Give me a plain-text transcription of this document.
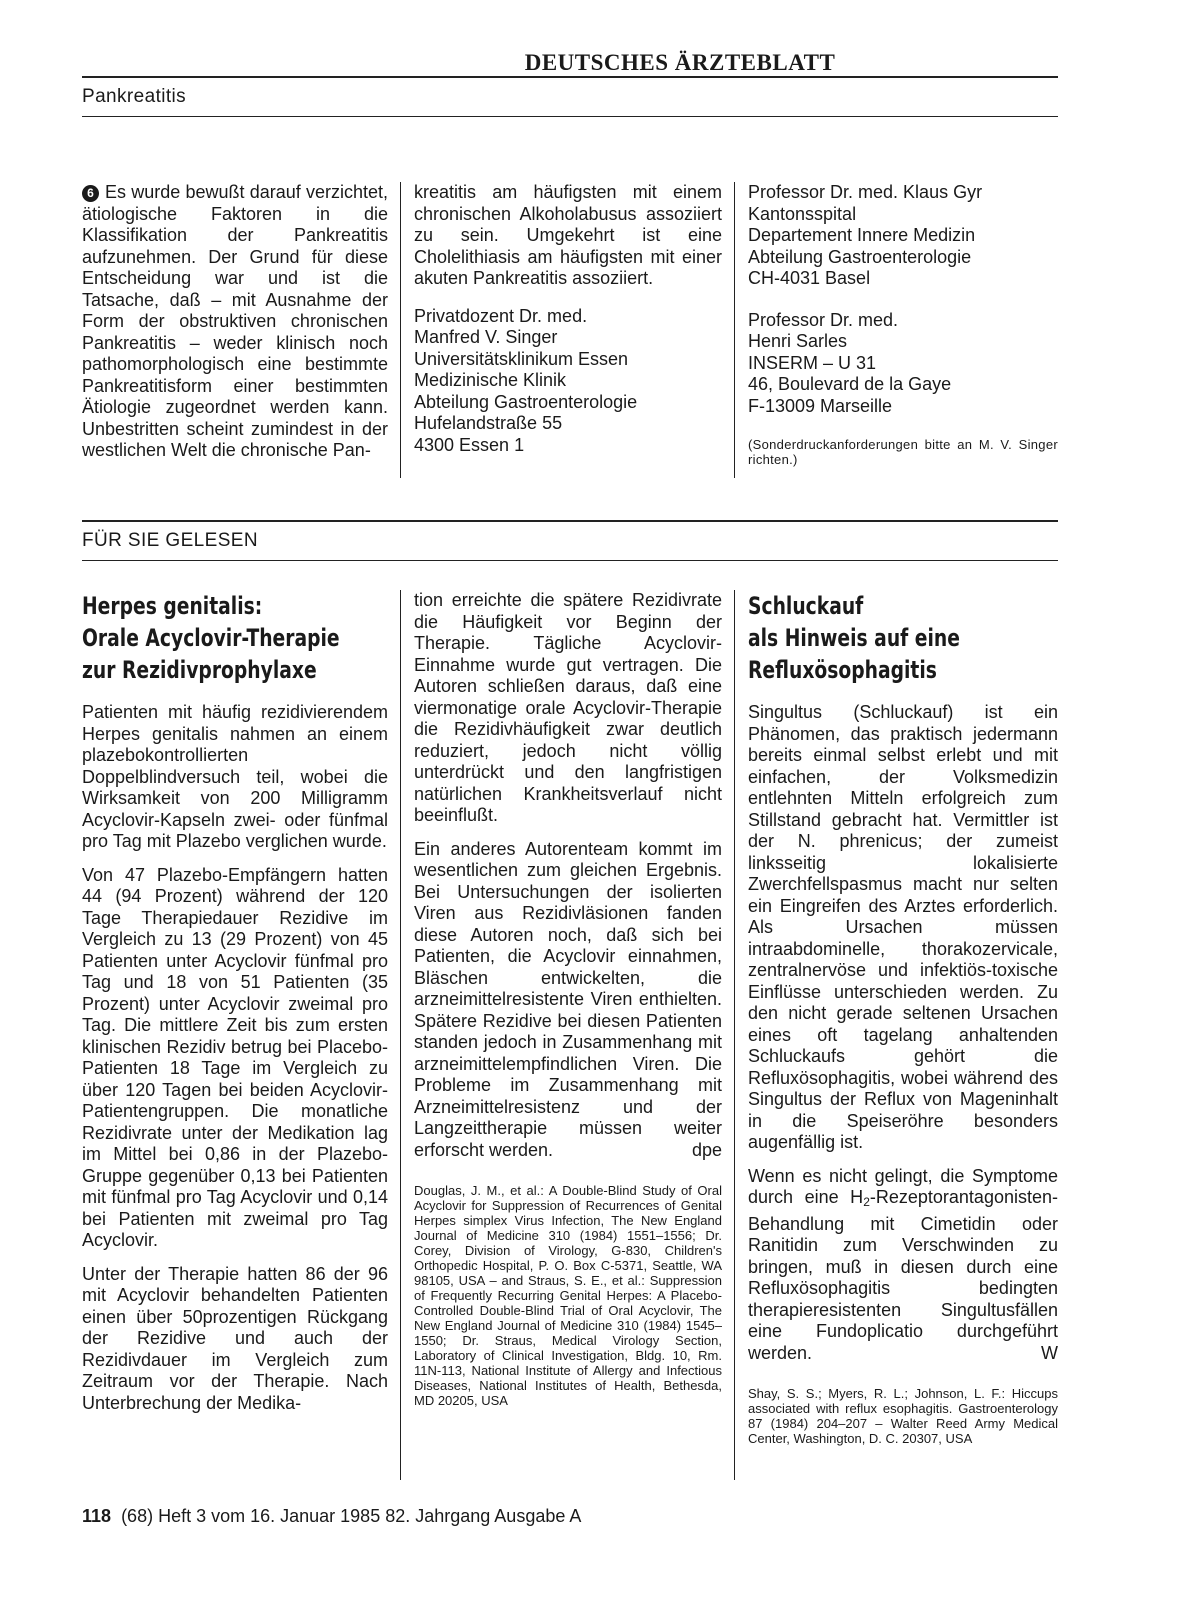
DEUTSCHES ÄRZTEBLATT
Pankreatitis

6 Es wurde bewußt darauf verzichtet, ätiologische Faktoren in die Klassifikation der Pankreatitis aufzunehmen. Der Grund für diese Entscheidung war und ist die Tatsache, daß – mit Ausnahme der Form der obstruktiven chronischen Pankreatitis – weder klinisch noch pathomorphologisch eine bestimmte Pankreatitisform einer bestimmten Ätiologie zugeordnet werden kann. Unbestritten scheint zumindest in der westlichen Welt die chronische Pan-

kreatitis am häufigsten mit einem chronischen Alkoholabusus assoziiert zu sein. Umgekehrt ist eine Cholelithiasis am häufigsten mit einer akuten Pankreatitis assoziiert.

Privatdozent Dr. med.
Manfred V. Singer
Universitätsklinikum Essen
Medizinische Klinik
Abteilung Gastroenterologie
Hufelandstraße 55
4300 Essen 1
Professor Dr. med. Klaus Gyr
Kantonsspital
Departement Innere Medizin
Abteilung Gastroenterologie
CH-4031 Basel
Professor Dr. med.
Henri Sarles
INSERM – U 31
46, Boulevard de la Gaye
F-13009 Marseille
(Sonderdruckanforderungen bitte an M. V. Singer richten.)
FÜR SIE GELESEN
Herpes genitalis:
Orale Acyclovir-Therapie
zur Rezidivprophylaxe

Patienten mit häufig rezidivierendem Herpes genitalis nahmen an einem plazebokontrollierten Doppelblindversuch teil, wobei die Wirksamkeit von 200 Milligramm Acyclovir-Kapseln zwei- oder fünfmal pro Tag mit Plazebo verglichen wurde.

Von 47 Plazebo-Empfängern hatten 44 (94 Prozent) während der 120 Tage Therapiedauer Rezidive im Vergleich zu 13 (29 Prozent) von 45 Patienten unter Acyclovir fünfmal pro Tag und 18 von 51 Patienten (35 Prozent) unter Acyclovir zweimal pro Tag. Die mittlere Zeit bis zum ersten klinischen Rezidiv betrug bei Placebo-Patienten 18 Tage im Vergleich zu über 120 Tagen bei beiden Acyclovir-Patientengruppen. Die monatliche Rezidivrate unter der Medikation lag im Mittel bei 0,86 in der Plazebo-Gruppe gegenüber 0,13 bei Patienten mit fünfmal pro Tag Acyclovir und 0,14 bei Patienten mit zweimal pro Tag Acyclovir.

Unter der Therapie hatten 86 der 96 mit Acyclovir behandelten Patienten einen über 50prozentigen Rückgang der Rezidive und auch der Rezidivdauer im Vergleich zum Zeitraum vor der Therapie. Nach Unterbrechung der Medika-

tion erreichte die spätere Rezidivrate die Häufigkeit vor Beginn der Therapie. Tägliche Acyclovir-Einnahme wurde gut vertragen. Die Autoren schließen daraus, daß eine viermonatige orale Acyclovir-Therapie die Rezidivhäufigkeit zwar deutlich reduziert, jedoch nicht völlig unterdrückt und den langfristigen natürlichen Krankheitsverlauf nicht beeinflußt.

Ein anderes Autorenteam kommt im wesentlichen zum gleichen Ergebnis. Bei Untersuchungen der isolierten Viren aus Rezidivläsionen fanden diese Autoren noch, daß sich bei Patienten, die Acyclovir einnahmen, Bläschen entwickelten, die arzneimittelresistente Viren enthielten. Spätere Rezidive bei diesen Patienten standen jedoch in Zusammenhang mit arzneimittelempfindlichen Viren. Die Probleme im Zusammenhang mit Arzneimittelresistenz und der Langzeittherapie müssen weiter erforscht werden.	dpe

Douglas, J. M., et al.: A Double-Blind Study of Oral Acyclovir for Suppression of Recurrences of Genital Herpes simplex Virus Infection, The New England Journal of Medicine 310 (1984) 1551–1556; Dr. Corey, Division of Virology, G-830, Children's Orthopedic Hospital, P. O. Box C-5371, Seattle, WA 98105, USA – and Straus, S. E., et al.: Suppression of Frequently Recurring Genital Herpes: A Placebo-Controlled Double-Blind Trial of Oral Acyclovir, The New England Journal of Medicine 310 (1984) 1545–1550; Dr. Straus, Medical Virology Section, Laboratory of Clinical Investigation, Bldg. 10, Rm. 11N-113, National Institute of Allergy and Infectious Diseases, National Institutes of Health, Bethesda, MD 20205, USA
Schluckauf
als Hinweis auf eine
Refluxösophagitis

Singultus (Schluckauf) ist ein Phänomen, das praktisch jedermann bereits einmal selbst erlebt und mit einfachen, der Volksmedizin entlehnten Mitteln erfolgreich zum Stillstand gebracht hat. Vermittler ist der N. phrenicus; der zumeist linksseitig lokalisierte Zwerchfellspasmus macht nur selten ein Eingreifen des Arztes erforderlich. Als Ursachen müssen intraabdominelle, thorakozervicale, zentralnervöse und infektiös-toxische Einflüsse unterschieden werden. Zu den nicht gerade seltenen Ursachen eines oft tagelang anhaltenden Schluckaufs gehört die Refluxösophagitis, wobei während des Singultus der Reflux von Mageninhalt in die Speiseröhre besonders augenfällig ist.

Wenn es nicht gelingt, die Symptome durch eine $H_2-Rezeptorantagonisten$-Behandlung mit Cimetidin oder Ranitidin zum Verschwinden zu bringen, muß in diesen durch eine Refluxösophagitis bedingten therapieresistenten Singultusfällen eine Fundoplicatio durchgeführt werden.	W

Shay, S. S.; Myers, R. L.; Johnson, L. F.: Hiccups associated with reflux esophagitis. Gastroenterology 87 (1984) 204–207 – Walter Reed Army Medical Center, Washington, D. C. 20307, USA
118 (68) Heft 3 vom 16. Januar 1985 82. Jahrgang Ausgabe A
